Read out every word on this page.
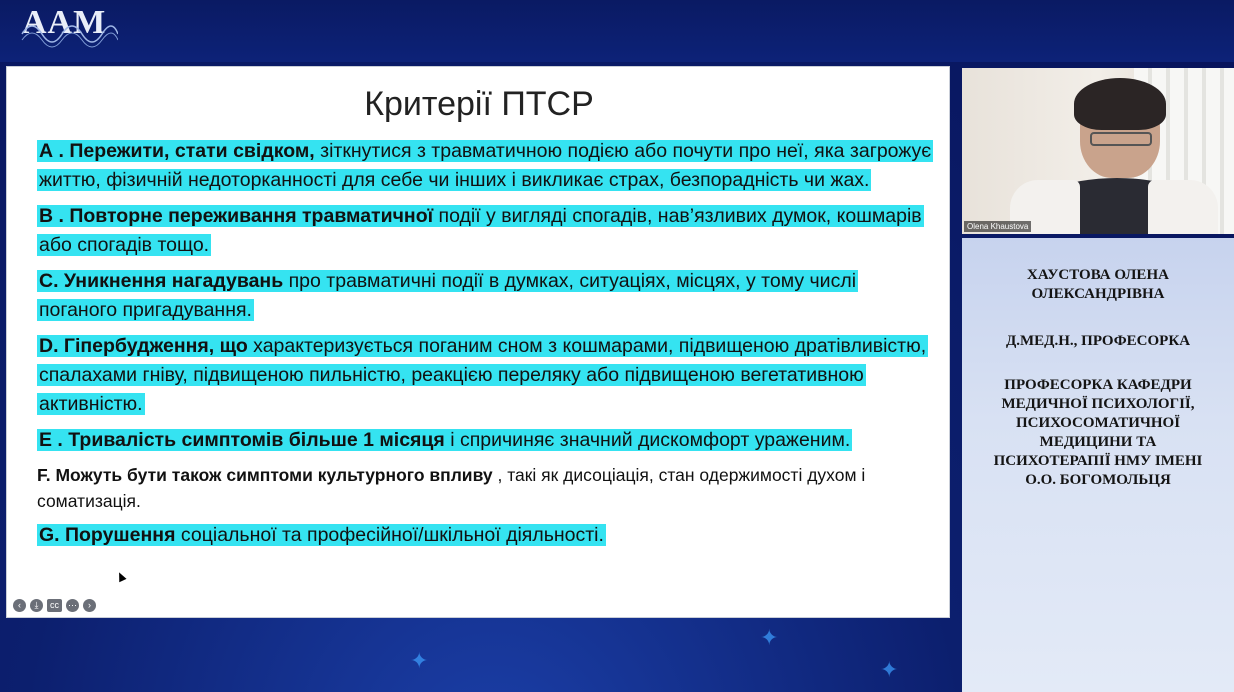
AAM
Критерії ПТСР
А . Пережити, стати свідком, зіткнутися з травматичною подією або почути про неї, яка загрожує життю, фізичній недоторканності для себе чи інших і викликає страх, безпорадність чи жах.
В . Повторне переживання травматичної події у вигляді спогадів, нав’язливих думок, кошмарів або спогадів тощо.
С. Уникнення нагадувань про травматичні події в думках, ситуаціях, місцях, у тому числі поганого пригадування.
D. Гіпербудження, що характеризується поганим сном з кошмарами, підвищеною дратівливістю, спалахами гніву, підвищеною пильністю, реакцією переляку або підвищеною вегетативною активністю.
E . Тривалість симптомів більше 1 місяця і спричиняє значний дискомфорт ураженим.
F. Можуть бути також симптоми культурного впливу , такі як дисоціація, стан одержимості духом і соматизація.
G. Порушення соціальної та професійної/шкільної діяльності.
‹	⤓	cc	⋯	›
✦
✦	✦
Olena Khaustova
ХАУСТОВА ОЛЕНА
ОЛЕКСАНДРІВНА
Д.МЕД.Н., ПРОФЕСОРКА
ПРОФЕСОРКА КАФЕДРИ
МЕДИЧНОЇ ПСИХОЛОГІЇ,
ПСИХОСОМАТИЧНОЇ
МЕДИЦИНИ ТА
ПСИХОТЕРАПІЇ НМУ ІМЕНІ
О.О. БОГОМОЛЬЦЯ
